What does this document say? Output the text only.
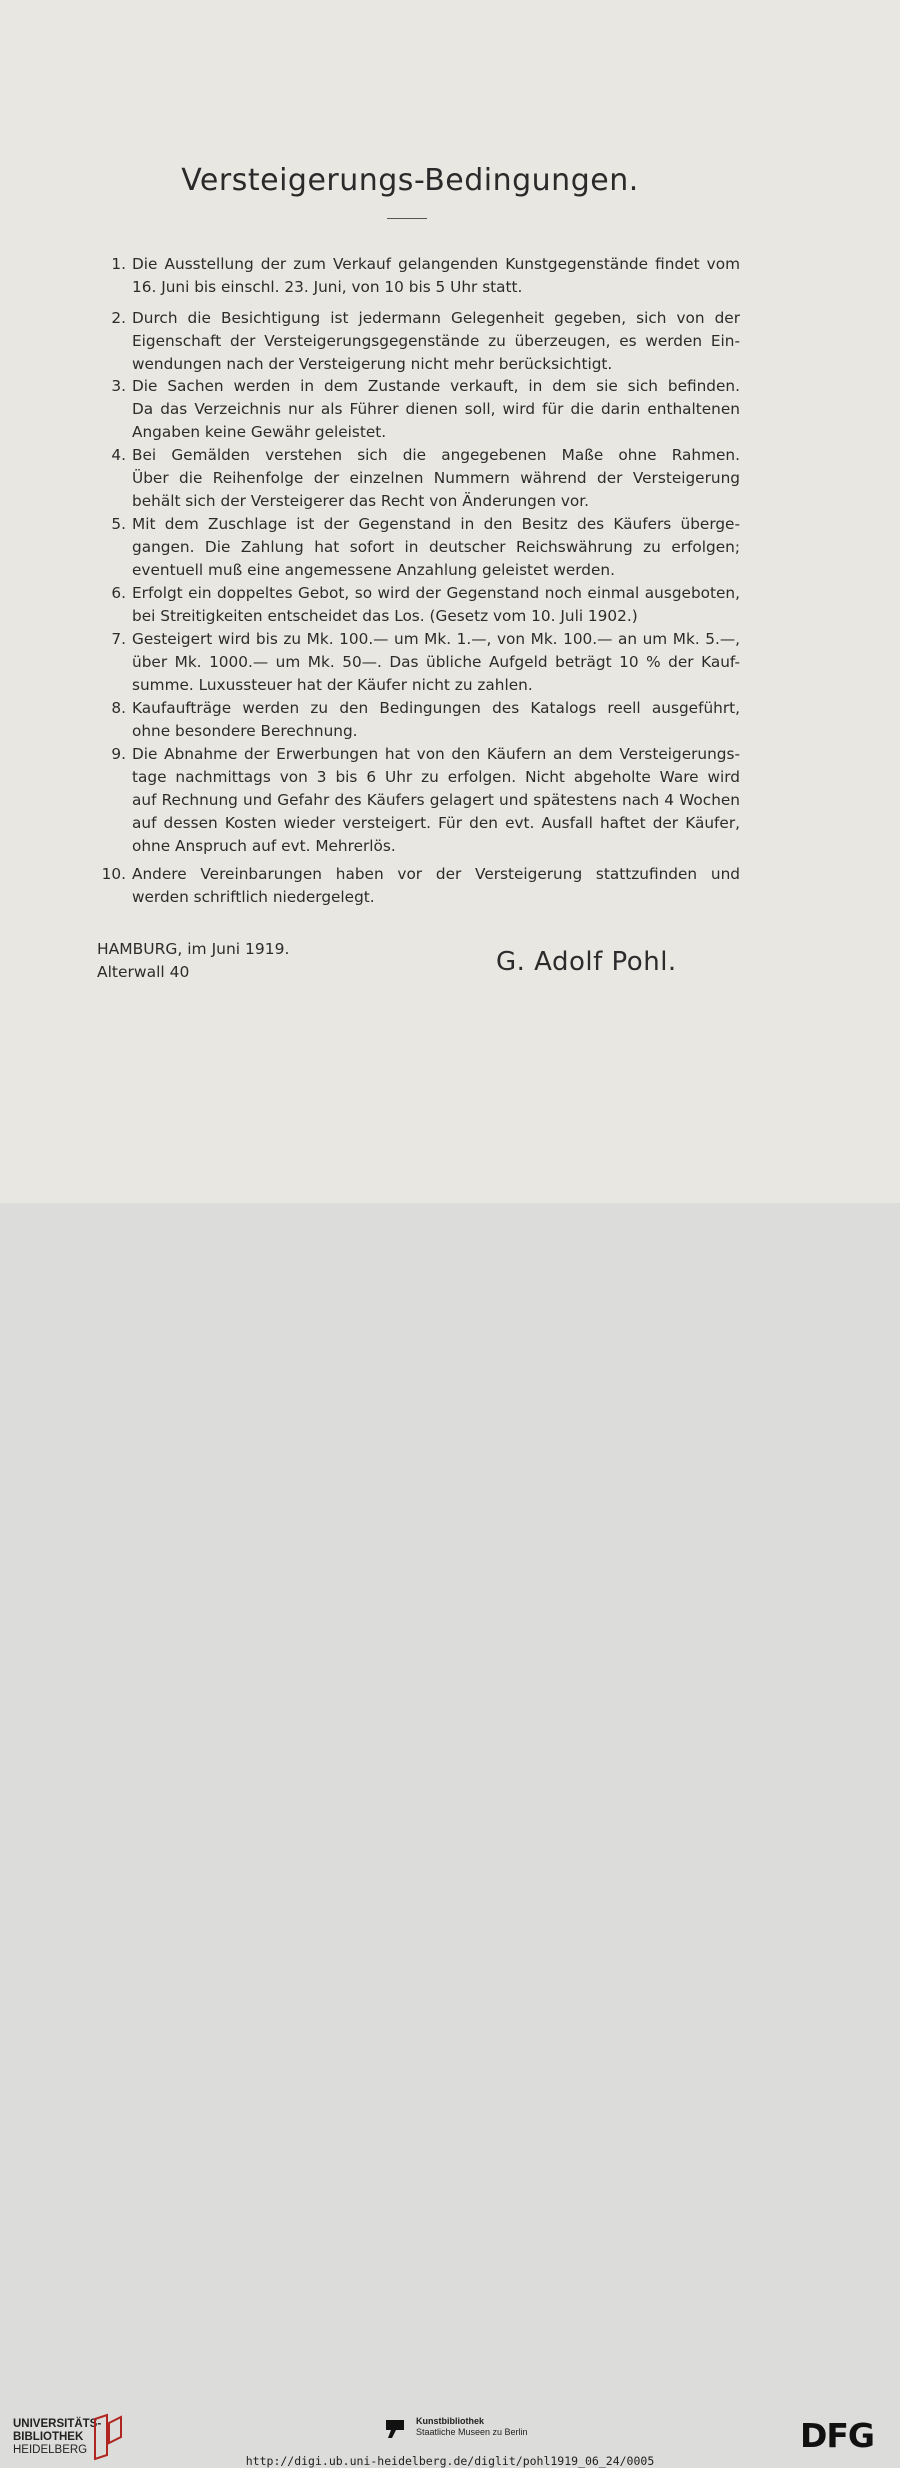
Versteigerungs-Bedingungen.
1. Die Ausstellung der zum Verkauf gelangenden Kunstgegenstände findet vom
16. Juni bis einschl. 23. Juni, von 10 bis 5 Uhr statt.
2. Durch die Besichtigung ist jedermann Gelegenheit gegeben, sich von der
Eigenschaft der Versteigerungsgegenstände zu überzeugen, es werden Ein-
wendungen nach der Versteigerung nicht mehr berücksichtigt.
3. Die Sachen werden in dem Zustande verkauft, in dem sie sich befinden.
Da das Verzeichnis nur als Führer dienen soll, wird für die darin enthaltenen
Angaben keine Gewähr geleistet.
4. Bei Gemälden verstehen sich die angegebenen Maße ohne Rahmen.
Über die Reihenfolge der einzelnen Nummern während der Versteigerung
behält sich der Versteigerer das Recht von Änderungen vor.
5. Mit dem Zuschlage ist der Gegenstand in den Besitz des Käufers überge-
gangen. Die Zahlung hat sofort in deutscher Reichswährung zu erfolgen;
eventuell muß eine angemessene Anzahlung geleistet werden.
6. Erfolgt ein doppeltes Gebot, so wird der Gegenstand noch einmal ausgeboten,
bei Streitigkeiten entscheidet das Los. (Gesetz vom 10. Juli 1902.)
7. Gesteigert wird bis zu Mk. 100.— um Mk. 1.—, von Mk. 100.— an um Mk. 5.—,
über Mk. 1000.— um Mk. 50—. Das übliche Aufgeld beträgt 10 % der Kauf-
summe. Luxussteuer hat der Käufer nicht zu zahlen.
8. Kaufaufträge werden zu den Bedingungen des Katalogs reell ausgeführt,
ohne besondere Berechnung.
9. Die Abnahme der Erwerbungen hat von den Käufern an dem Versteigerungs-
tage nachmittags von 3 bis 6 Uhr zu erfolgen. Nicht abgeholte Ware wird
auf Rechnung und Gefahr des Käufers gelagert und spätestens nach 4 Wochen
auf dessen Kosten wieder versteigert. Für den evt. Ausfall haftet der Käufer,
ohne Anspruch auf evt. Mehrerlös.
10. Andere Vereinbarungen haben vor der Versteigerung stattzufinden und
werden schriftlich niedergelegt.
HAMBURG, im Juni 1919.
Alterwall 40	G. Adolf Pohl.
UNIVERSITÄTS-
BIBLIOTHEK
HEIDELBERG
Kunstbibliothek
Staatliche Museen zu Berlin	DFG
http://digi.ub.uni-heidelberg.de/diglit/pohl1919_06_24/0005
